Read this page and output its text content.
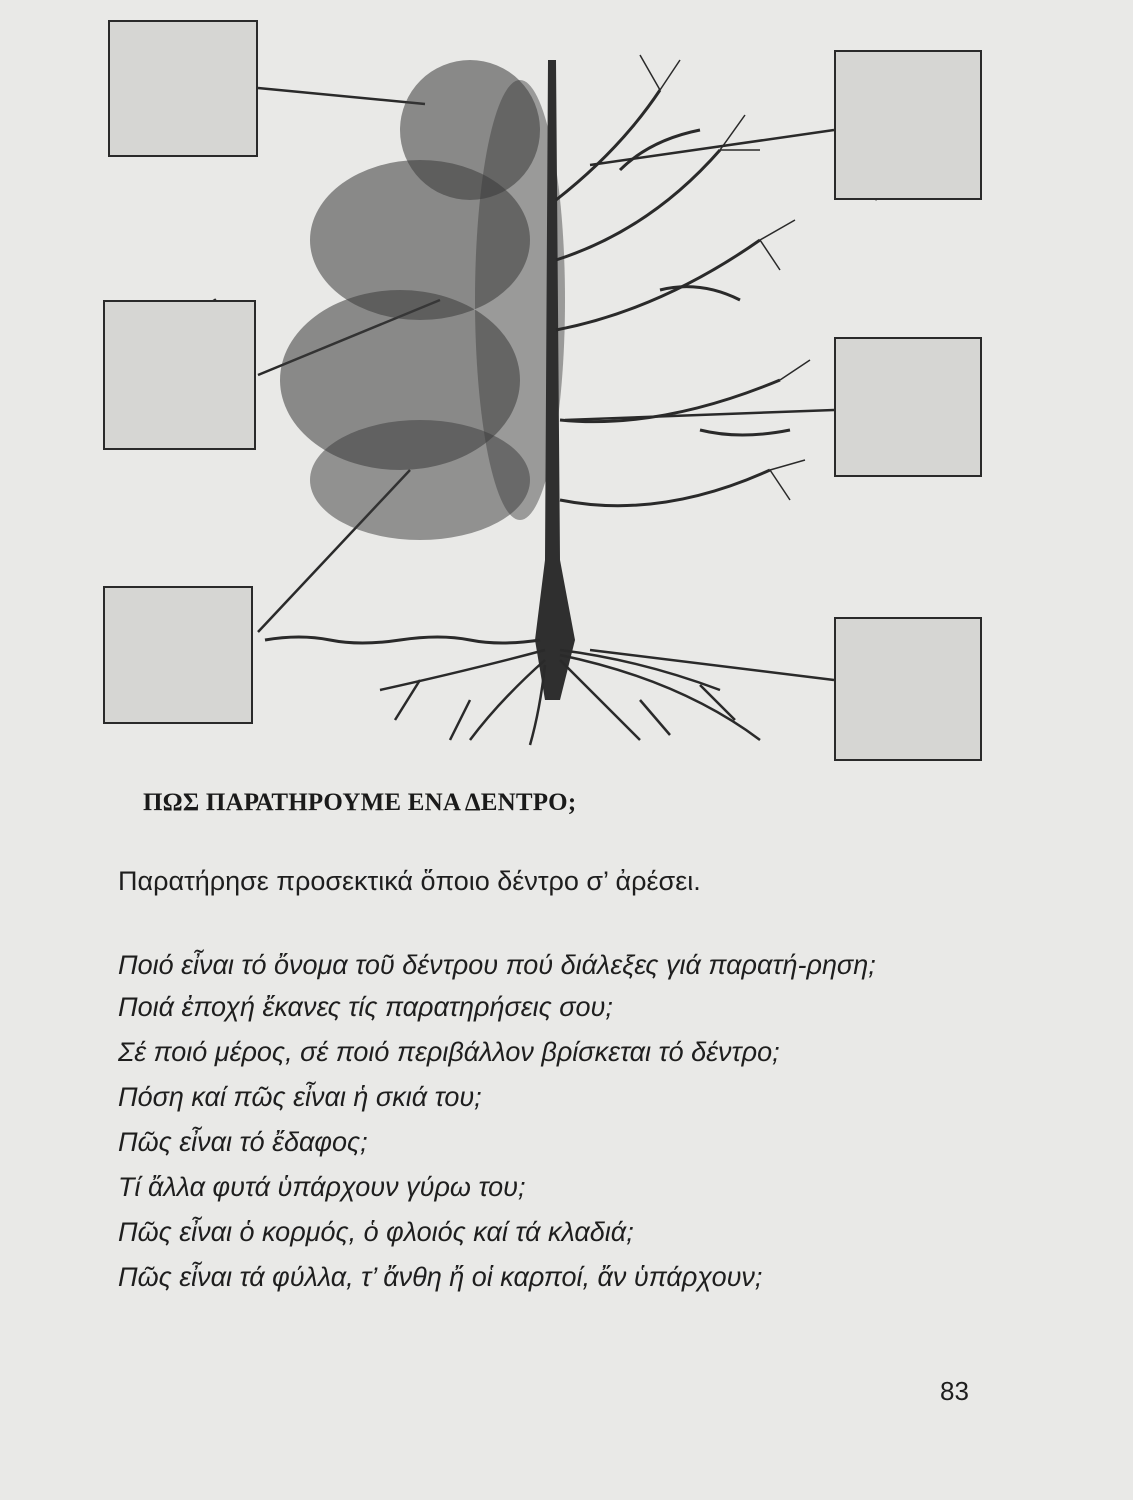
ΠΩΣ ΠΑΡΑΤΗΡΟΥΜΕ ΕΝΑ ΔΕΝΤΡΟ;

Παρατήρησε προσεκτικά ὅποιο δέντρο σ’ ἀρέσει.

Ποιό εἶναι τό ὄνομα τοῦ δέντρου πού διάλεξες γιά παρατή-ρηση;
Ποιά ἐποχή ἔκανες τίς παρατηρήσεις σου;
Σέ ποιό μέρος, σέ ποιό περιβάλλον βρίσκεται τό δέντρο;
Πόση καί πῶς εἶναι ἡ σκιά του;
Πῶς εἶναι τό ἔδαφος;
Τί ἄλλα φυτά ὑπάρχουν γύρω του;
Πῶς εἶναι ὁ κορμός, ὁ φλοιός καί τά κλαδιά;
Πῶς εἶναι τά φύλλα, τ’ ἄνθη ἤ οἱ καρποί, ἄν ὑπάρχουν;

83
